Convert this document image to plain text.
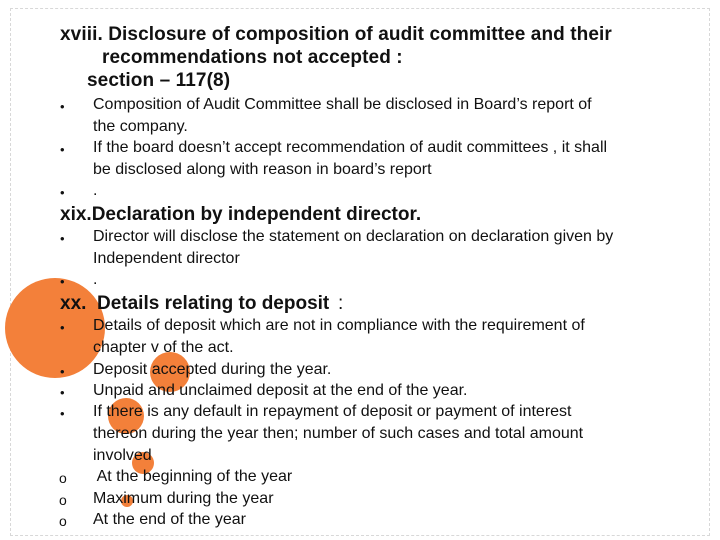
xviii. Disclosure of composition of audit committee and their
recommendations not accepted :
section – 117(8)
• Composition of Audit Committee shall be disclosed in Board’s report of
the company.
• If the board doesn’t accept recommendation of audit committees , it shall
be disclosed along with reason in board’s report
• .
xix.Declaration by independent director.
• Director will disclose the statement on declaration on declaration given by
Independent director
• .
xx. Details relating to deposit :
• Details of deposit which are not in compliance with the requirement of
chapter v of the act.
• Deposit accepted during the year.
• Unpaid and unclaimed deposit at the end of the year.
• If there is any default in repayment of deposit or payment of interest
thereon during the year then; number of such cases and total amount
involved
o At the beginning of the year
o Maximum during the year
o At the end of the year
